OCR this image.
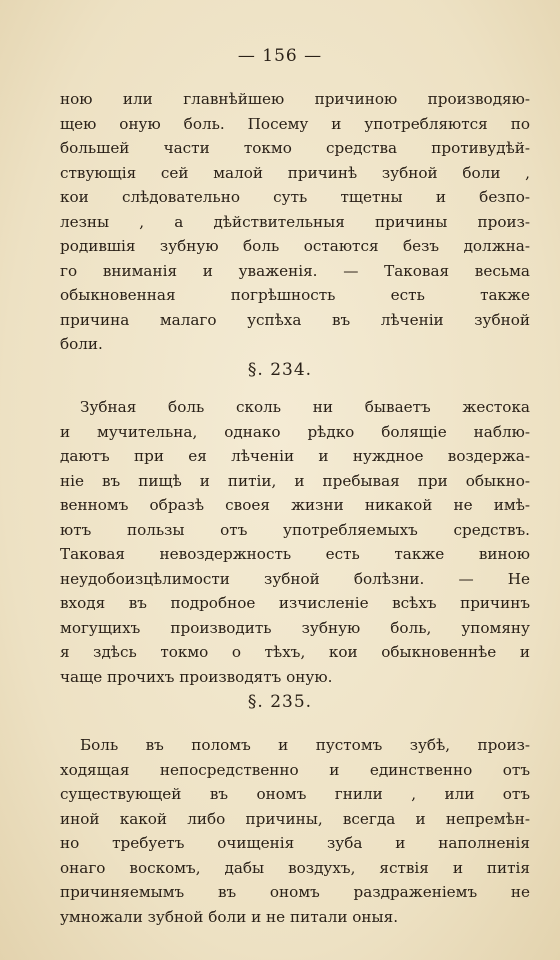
— 156 —
ною или главнѣйшею причиною производяю-
щею оную боль. Посему и употребляются по
большей части токмо средства противудѣй-
ствующія сей малой причинѣ зубной боли ,
кои слѣдовательно суть тщетны и безпо-
лезны , а дѣйствительныя причины произ-
родившія зубную боль остаются безъ должна-
го вниманія и уваженія. — Таковая весьма
обыкновенная погрѣшность есть также
причина малаго успѣха въ лѣченіи зубной
боли.
§. 234.
Зубная боль сколь ни бываетъ жестока
и мучительна, однако рѣдко болящіе наблю-
даютъ при ея лѣченіи и нуждное воздержа-
ніе въ пищѣ и питіи, и пребывая при обыкно-
венномъ образѣ своея жизни никакой не имѣ-
ютъ пользы отъ употребляемыхъ средствъ.
Таковая невоздержность есть также виною
неудобоизцѣлимости зубной болѣзни. — Не
входя въ подробное изчисленіе всѣхъ причинъ
могущихъ производить зубную боль, упомяну
я здѣсь токмо о тѣхъ, кои обыкновеннѣе и
чаще прочихъ производятъ оную.
§. 235.
Боль въ поломъ и пустомъ зубѣ, произ-
ходящая непосредственно и единственно отъ
существующей въ ономъ гнили , или отъ
иной какой либо причины, всегда и непремѣн-
но требуетъ очищенія зуба и наполненія
онаго воскомъ, дабы воздухъ, яствія и питія
причиняемымъ въ ономъ раздраженіемъ не
умножали зубной боли и не питали оныя.
